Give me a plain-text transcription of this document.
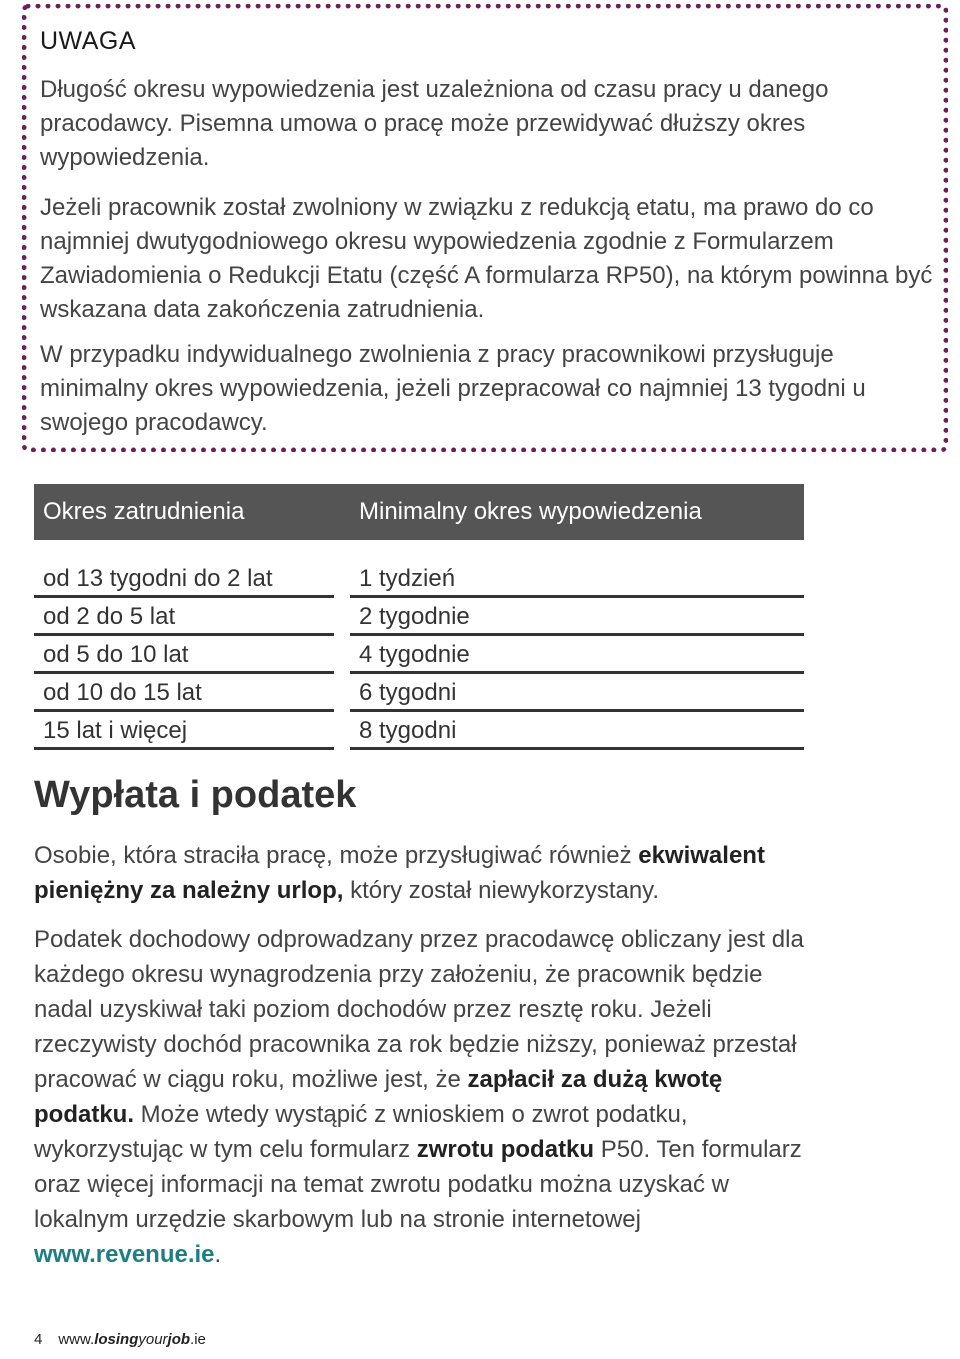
UWAGA

Długość okresu wypowiedzenia jest uzależniona od czasu pracy u danego pracodawcy. Pisemna umowa o pracę może przewidywać dłuższy okres wypowiedzenia.

Jeżeli pracownik został zwolniony w związku z redukcją etatu, ma prawo do co najmniej dwutygodniowego okresu wypowiedzenia zgodnie z Formularzem Zawiadomienia o Redukcji Etatu (część A formularza RP50), na którym powinna być wskazana data zakończenia zatrudnienia.

W przypadku indywidualnego zwolnienia z pracy pracownikowi przysługuje minimalny okres wypowiedzenia, jeżeli przepracował co najmniej 13 tygodni u swojego pracodawcy.

Okres zatrudnienia	Minimalny okres wypowiedzenia
od 13 tygodni do 2 lat	1 tydzień
od 2 do 5 lat	2 tygodnie
od 5 do 10 lat	4 tygodnie
od 10 do 15 lat	6 tygodni
15 lat i więcej	8 tygodni
Wypłata i podatek

Osobie, która straciła pracę, może przysługiwać również ekwiwalent pieniężny za należny urlop, który został niewykorzystany.

Podatek dochodowy odprowadzany przez pracodawcę obliczany jest dla każdego okresu wynagrodzenia przy założeniu, że pracownik będzie nadal uzyskiwał taki poziom dochodów przez resztę roku. Jeżeli rzeczywisty dochód pracownika za rok będzie niższy, ponieważ przestał pracować w ciągu roku, możliwe jest, że zapłacił za dużą kwotę podatku. Może wtedy wystąpić z wnioskiem o zwrot podatku, wykorzystując w tym celu formularz zwrotu podatku P50. Ten formularz oraz więcej informacji na temat zwrotu podatku można uzyskać w lokalnym urzędzie skarbowym lub na stronie internetowej www.revenue.ie.

4 www.losingyourjob.ie
